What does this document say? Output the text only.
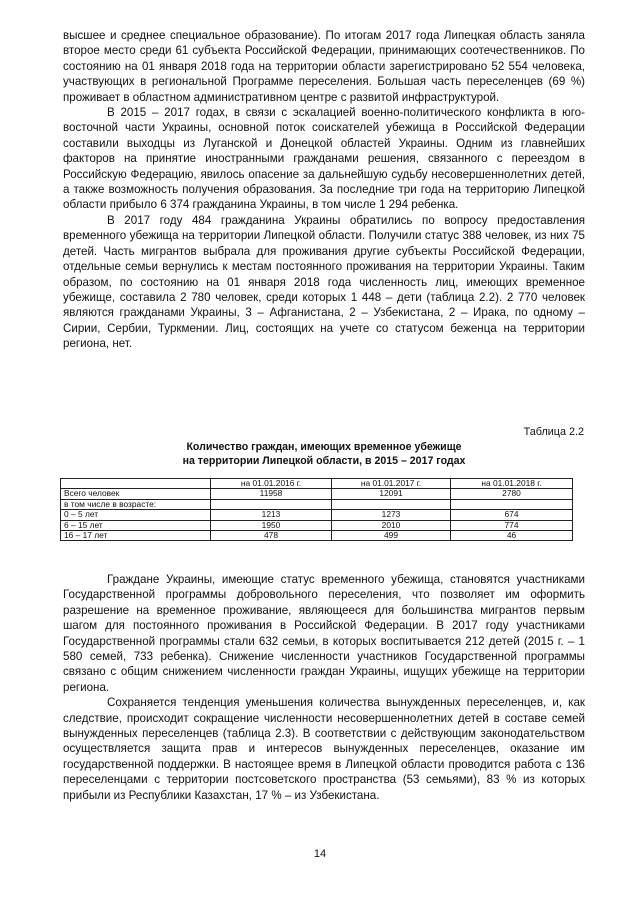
высшее и среднее специальное образование). По итогам 2017 года Липецкая область заняла второе место среди 61 субъекта Российской Федерации, принимающих соотечественников. По состоянию на 01 января 2018 года на территории области зарегистрировано 52 554 человека, участвующих в региональной Программе переселения. Большая часть переселенцев (69 %) проживает в областном административном центре с развитой инфраструктурой.

В 2015 – 2017 годах, в связи с эскалацией военно-политического конфликта в юго-восточной части Украины, основной поток соискателей убежища в Российской Федерации составили выходцы из Луганской и Донецкой областей Украины. Одним из главнейших факторов на принятие иностранными гражданами решения, связанного с переездом в Российскую Федерацию, явилось опасение за дальнейшую судьбу несовершеннолетних детей, а также возможность получения образования. За последние три года на территорию Липецкой области прибыло 6 374 гражданина Украины, в том числе 1 294 ребенка.

В 2017 году 484 гражданина Украины обратились по вопросу предоставления временного убежища на территории Липецкой области. Получили статус 388 человек, из них 75 детей. Часть мигрантов выбрала для проживания другие субъекты Российской Федерации, отдельные семьи вернулись к местам постоянного проживания на территории Украины. Таким образом, по состоянию на 01 января 2018 года численность лиц, имеющих временное убежище, составила 2 780 человек, среди которых 1 448 – дети (таблица 2.2). 2 770 человек являются гражданами Украины, 3 – Афганистана, 2 – Узбекистана, 2 – Ирака, по одному – Сирии, Сербии, Туркмении. Лиц, состоящих на учете со статусом беженца на территории региона, нет.

Таблица 2.2
Количество граждан, имеющих временное убежище
на территории Липецкой области, в 2015 – 2017 годах
	на 01.01.2016 г.	на 01.01.2017 г.	на 01.01.2018 г.
Всего человек	11958	12091	2780
в том числе в возрасте:			
0 – 5 лет	1213	1273	674
6 – 15 лет	1950	2010	774
16 – 17 лет	478	499	46

Граждане Украины, имеющие статус временного убежища, становятся участниками Государственной программы добровольного переселения, что позволяет им оформить разрешение на временное проживание, являющееся для большинства мигрантов первым шагом для постоянного проживания в Российской Федерации. В 2017 году участниками Государственной программы стали 632 семьи, в которых воспитывается 212 детей (2015 г. – 1 580 семей, 733 ребенка). Снижение численности участников Государственной программы связано с общим снижением численности граждан Украины, ищущих убежище на территории региона.

Сохраняется тенденция уменьшения количества вынужденных переселенцев, и, как следствие, происходит сокращение численности несовершеннолетних детей в составе семей вынужденных переселенцев (таблица 2.3). В соответствии с действующим законодательством осуществляется защита прав и интересов вынужденных переселенцев, оказание им государственной поддержки. В настоящее время в Липецкой области проводится работа с 136 переселенцами с территории постсоветского пространства (53 семьями), 83 % из которых прибыли из Республики Казахстан, 17 % – из Узбекистана.

14
